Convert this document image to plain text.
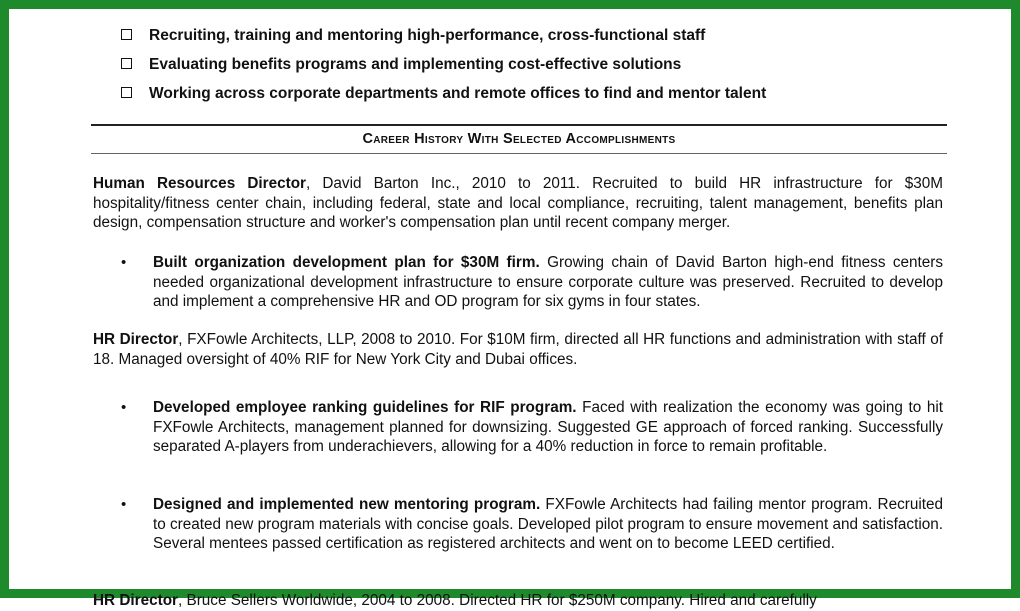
Recruiting, training and mentoring high-performance, cross-functional staff
Evaluating benefits programs and implementing cost-effective solutions
Working across corporate departments and remote offices to find and mentor talent
Career History With Selected Accomplishments
Human Resources Director, David Barton Inc., 2010 to 2011. Recruited to build HR infrastructure for $30M hospitality/fitness center chain, including federal, state and local compliance, recruiting, talent management, benefits plan design, compensation structure and worker's compensation plan until recent company merger.
• Built organization development plan for $30M firm. Growing chain of David Barton high-end fitness centers needed organizational development infrastructure to ensure corporate culture was preserved. Recruited to develop and implement a comprehensive HR and OD program for six gyms in four states.
HR Director, FXFowle Architects, LLP, 2008 to 2010. For $10M firm, directed all HR functions and administration with staff of 18. Managed oversight of 40% RIF for New York City and Dubai offices.
• Developed employee ranking guidelines for RIF program. Faced with realization the economy was going to hit FXFowle Architects, management planned for downsizing. Suggested GE approach of forced ranking. Successfully separated A-players from underachievers, allowing for a 40% reduction in force to remain profitable.
• Designed and implemented new mentoring program. FXFowle Architects had failing mentor program. Recruited to created new program materials with concise goals. Developed pilot program to ensure movement and satisfaction. Several mentees passed certification as registered architects and went on to become LEED certified.
HR Director, Bruce Sellers Worldwide, 2004 to 2008. Directed HR for $250M company. Hired and carefully
